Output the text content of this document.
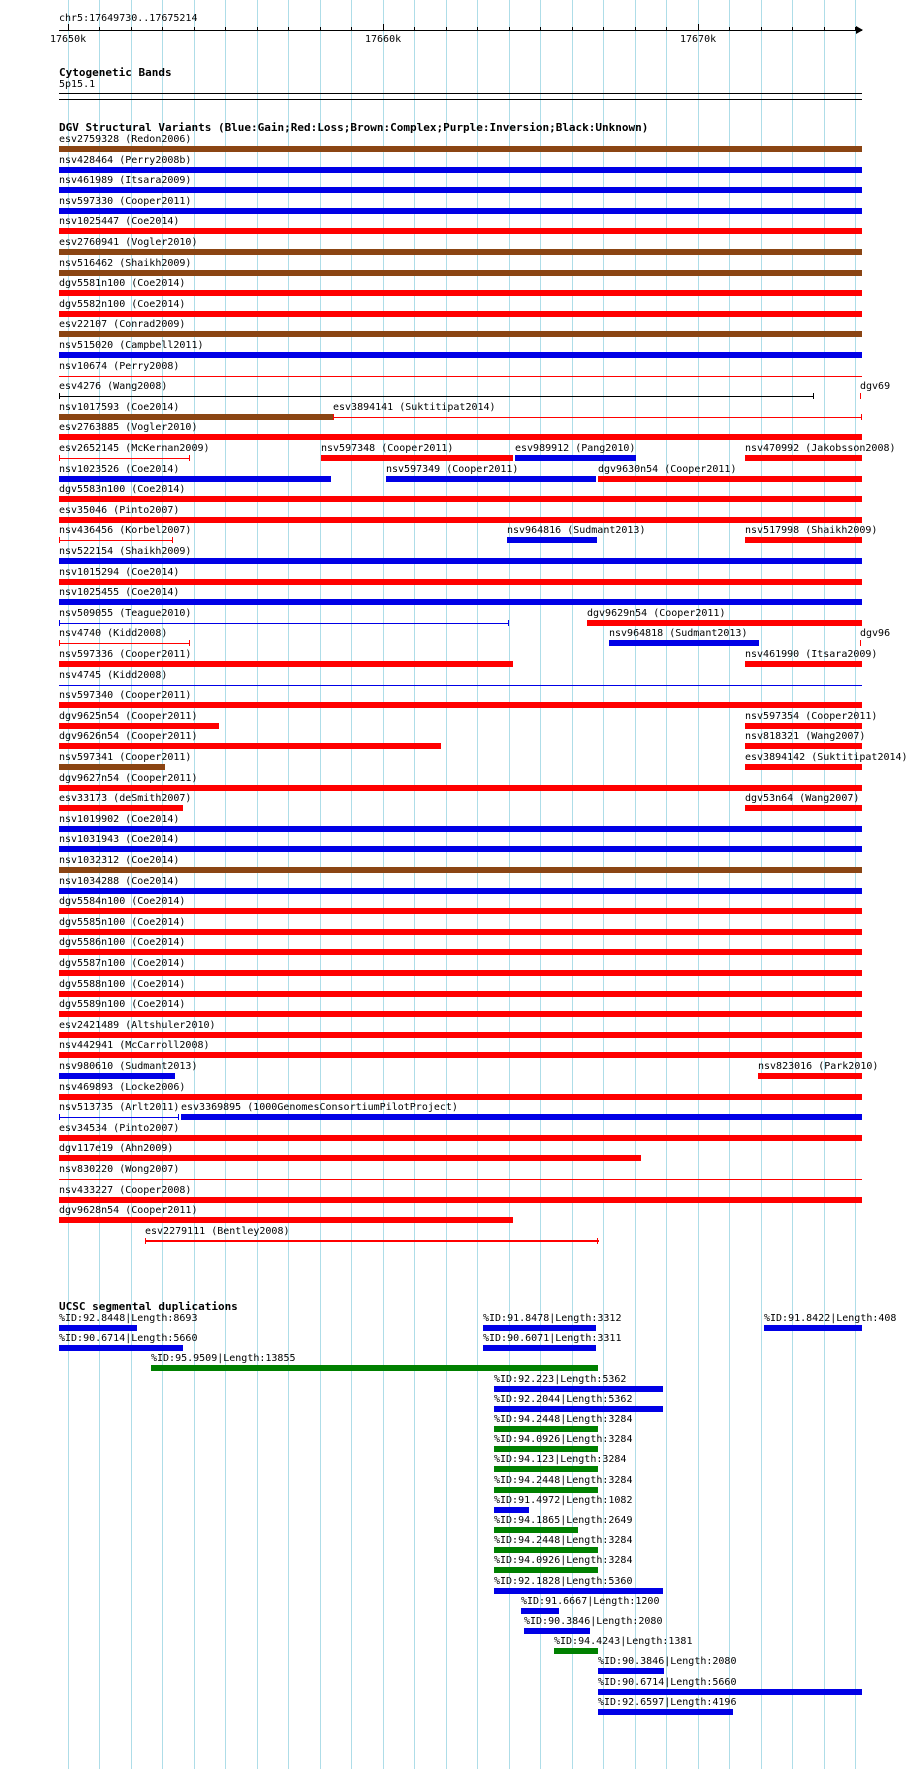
chr5:17649730..17675214
17650k	17660k	17670k
Cytogenetic Bands
5p15.1
DGV Structural Variants (Blue:Gain;Red:Loss;Brown:Complex;Purple:Inversion;Black:Unknown)
esv2759328 (Redon2006)
nsv428464 (Perry2008b)
nsv461989 (Itsara2009)
nsv597330 (Cooper2011)
nsv1025447 (Coe2014)
esv2760941 (Vogler2010)
nsv516462 (Shaikh2009)
dgv5581n100 (Coe2014)
dgv5582n100 (Coe2014)
esv22107 (Conrad2009)
nsv515020 (Campbell2011)
nsv10674 (Perry2008)
esv4276 (Wang2008)	dgv69
nsv1017593 (Coe2014)	esv3894141 (Suktitipat2014)
esv2763885 (Vogler2010)
esv2652145 (McKernan2009)	nsv597348 (Cooper2011)	esv989912 (Pang2010)	nsv470992 (Jakobsson2008)
nsv1023526 (Coe2014)	nsv597349 (Cooper2011)	dgv9630n54 (Cooper2011)
dgv5583n100 (Coe2014)
esv35046 (Pinto2007)
nsv436456 (Korbel2007)	nsv964816 (Sudmant2013)	nsv517998 (Shaikh2009)
nsv522154 (Shaikh2009)
nsv1015294 (Coe2014)
nsv1025455 (Coe2014)
nsv509055 (Teague2010)	dgv9629n54 (Cooper2011)
nsv4740 (Kidd2008)	nsv964818 (Sudmant2013)	dgv96
nsv597336 (Cooper2011)	nsv461990 (Itsara2009)
nsv4745 (Kidd2008)
nsv597340 (Cooper2011)
dgv9625n54 (Cooper2011)	nsv597354 (Cooper2011)
dgv9626n54 (Cooper2011)	nsv818321 (Wang2007)
nsv597341 (Cooper2011)	esv3894142 (Suktitipat2014)
dgv9627n54 (Cooper2011)
esv33173 (deSmith2007)	dgv53n64 (Wang2007)
nsv1019902 (Coe2014)
nsv1031943 (Coe2014)
nsv1032312 (Coe2014)
nsv1034288 (Coe2014)
dgv5584n100 (Coe2014)
dgv5585n100 (Coe2014)
dgv5586n100 (Coe2014)
dgv5587n100 (Coe2014)
dgv5588n100 (Coe2014)
dgv5589n100 (Coe2014)
esv2421489 (Altshuler2010)
nsv442941 (McCarroll2008)
nsv980610 (Sudmant2013)	nsv823016 (Park2010)
nsv469893 (Locke2006)
nsv513735 (Arlt2011) esv3369895 (1000GenomesConsortiumPilotProject)
esv34534 (Pinto2007)
dgv117e19 (Ahn2009)
nsv830220 (Wong2007)
nsv433227 (Cooper2008)
dgv9628n54 (Cooper2011)
esv2279111 (Bentley2008)
UCSC segmental duplications
%ID:92.8448|Length:8693	%ID:91.8478|Length:3312	%ID:91.8422|Length:408
%ID:90.6714|Length:5660	%ID:90.6071|Length:3311
%ID:95.9509|Length:13855
%ID:92.223|Length:5362
%ID:92.2044|Length:5362
%ID:94.2448|Length:3284
%ID:94.0926|Length:3284
%ID:94.123|Length:3284
%ID:94.2448|Length:3284
%ID:91.4972|Length:1082
%ID:94.1865|Length:2649
%ID:94.2448|Length:3284
%ID:94.0926|Length:3284
%ID:92.1828|Length:5360
%ID:91.6667|Length:1200
%ID:90.3846|Length:2080
%ID:94.4243|Length:1381
%ID:90.3846|Length:2080
%ID:90.6714|Length:5660
%ID:92.6597|Length:4196
